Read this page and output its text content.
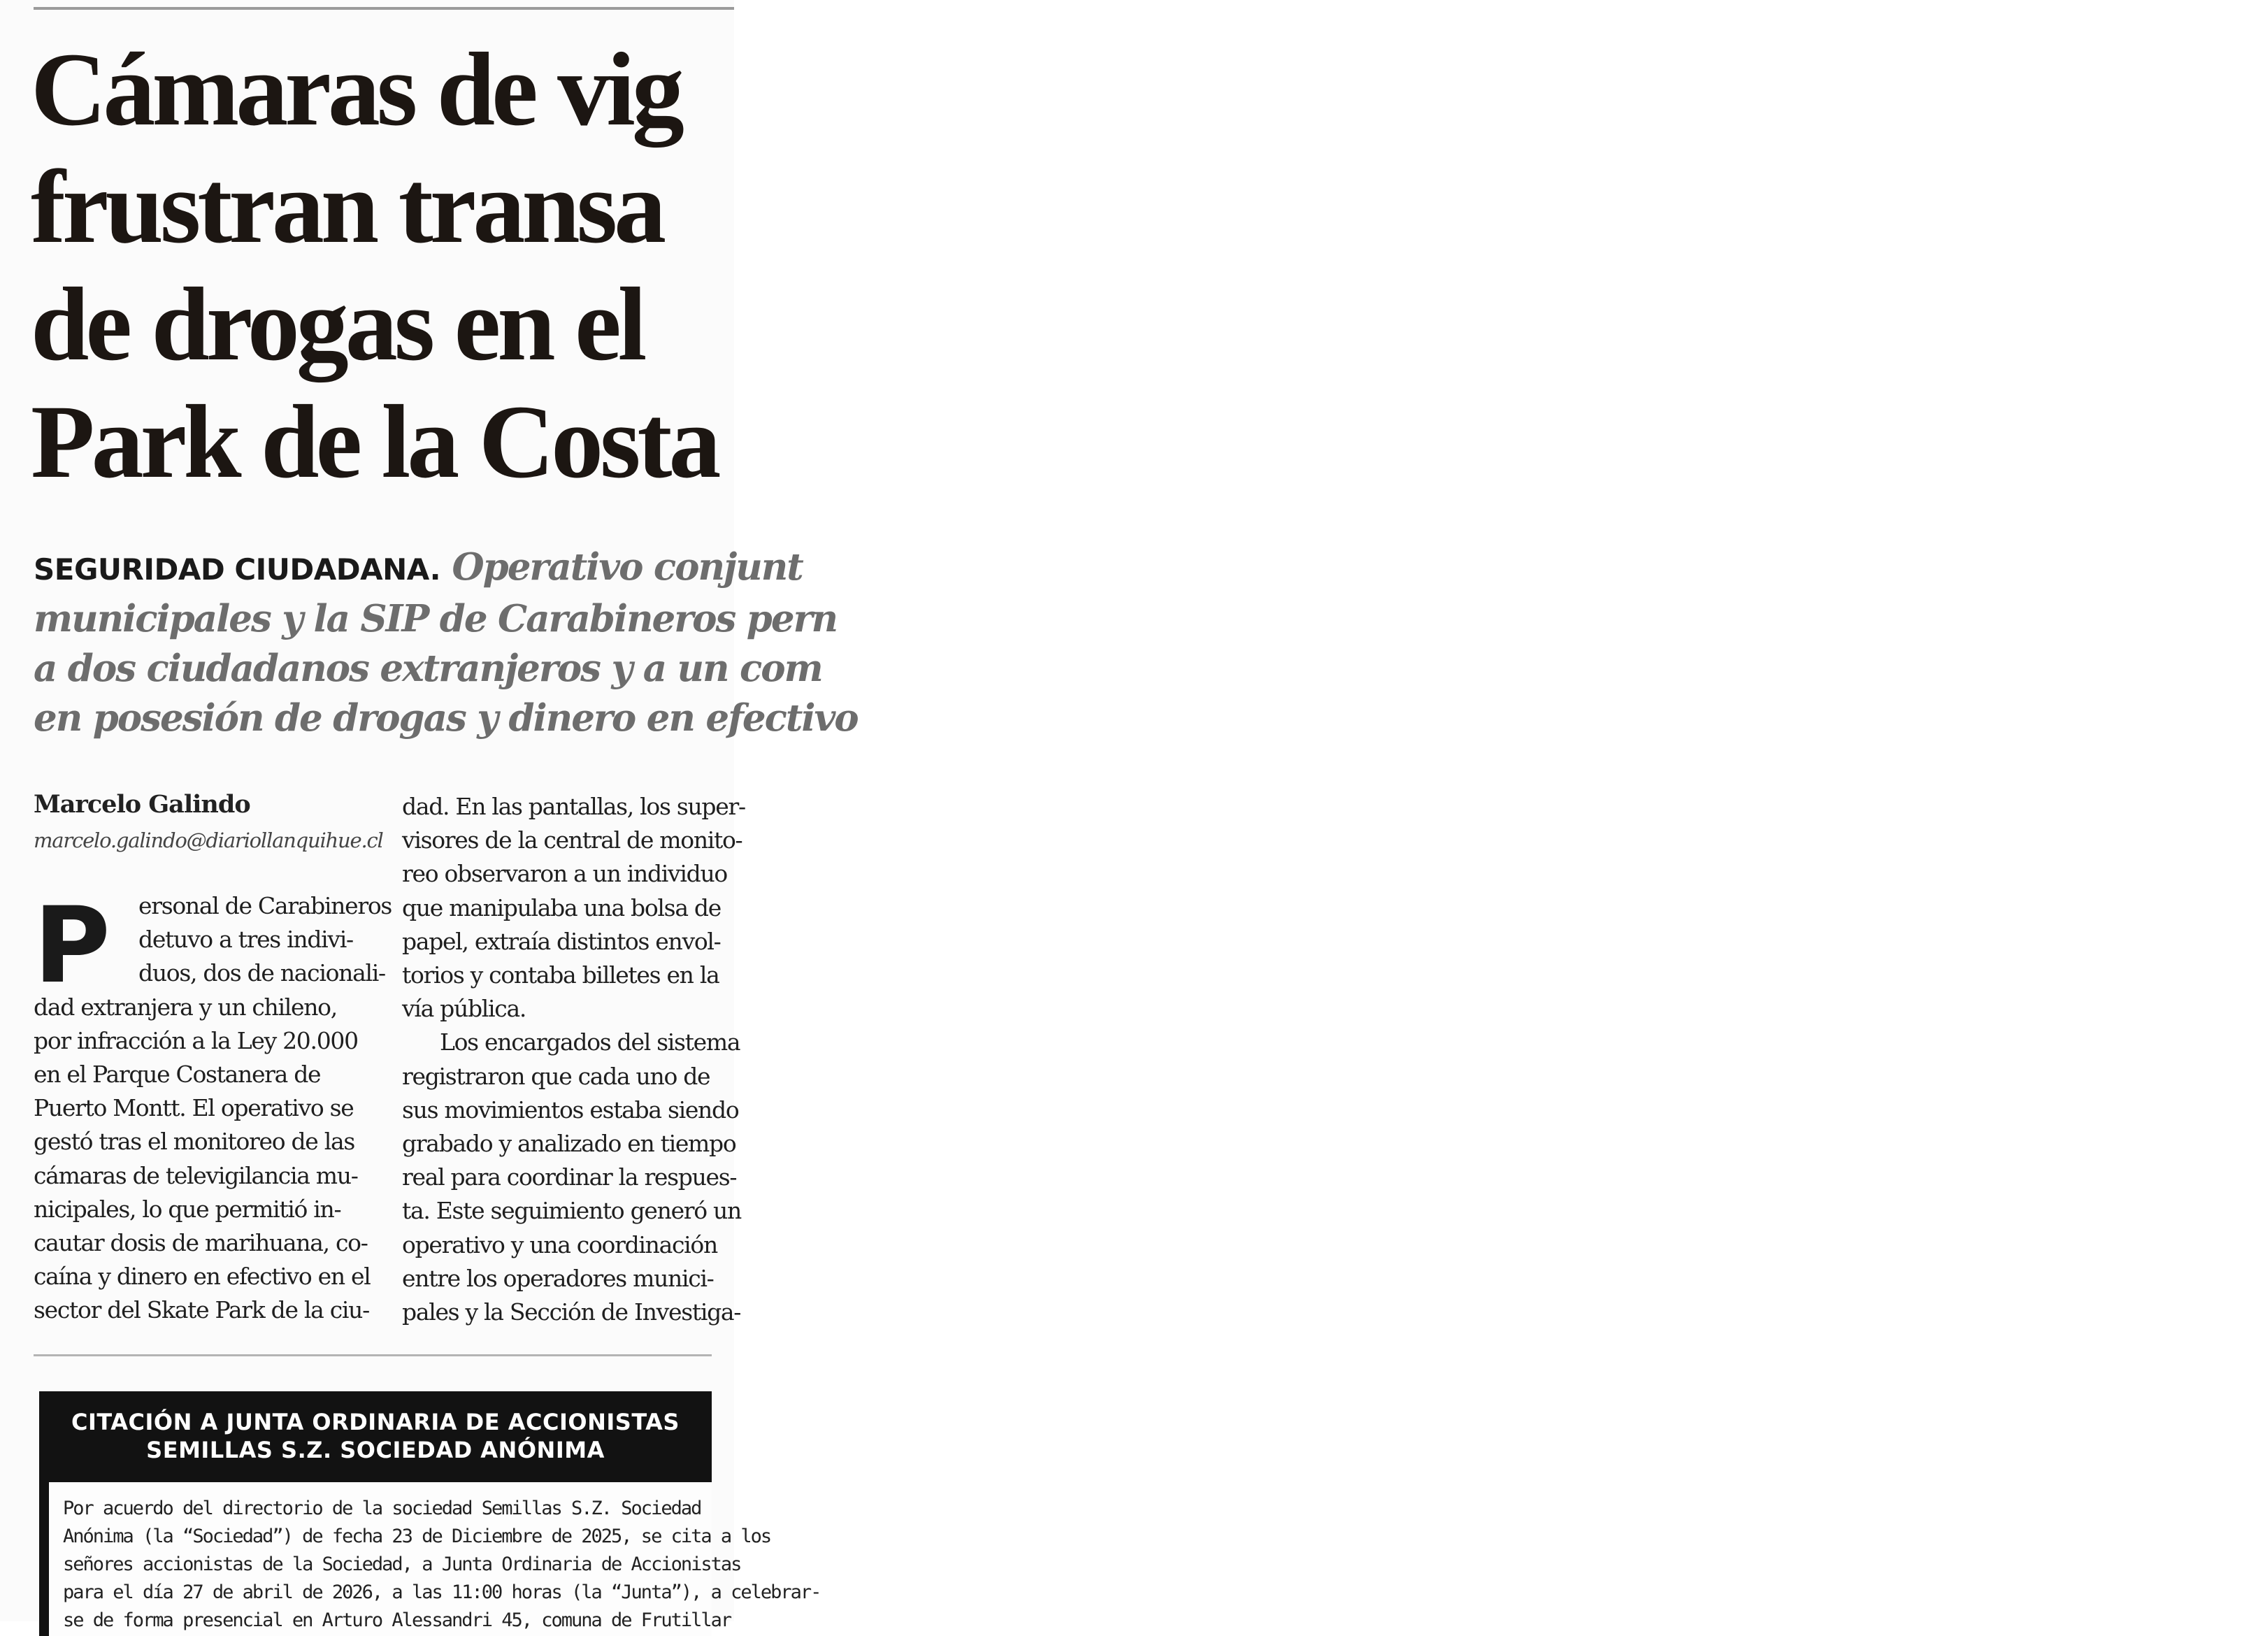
Cámaras de vig
frustran transa
de drogas en el
Park de la Costa

SEGURIDAD CIUDADANA. Operativo conjunt
municipales y la SIP de Carabineros pern
a dos ciudadanos extranjeros y a un com
en posesión de drogas y dinero en efectivo

Marcelo Galindo
marcelo.galindo@diariollanquihue.cl
P	ersonal de Carabineros
detuvo a tres indivi-
duos, dos de nacionali-
dad extranjera y un chileno,
por infracción a la Ley 20.000
en el Parque Costanera de
Puerto Montt. El operativo se
gestó tras el monitoreo de las
cámaras de televigilancia mu-
nicipales, lo que permitió in-
cautar dosis de marihuana, co-
caína y dinero en efectivo en el
sector del Skate Park de la ciu-
dad. En las pantallas, los super-
visores de la central de monito-
reo observaron a un individuo
que manipulaba una bolsa de
papel, extraía distintos envol-
torios y contaba billetes en la
vía pública.
Los encargados del sistema
registraron que cada uno de
sus movimientos estaba siendo
grabado y analizado en tiempo
real para coordinar la respues-
ta. Este seguimiento generó un
operativo y una coordinación
entre los operadores munici-
pales y la Sección de Investiga-
CITACIÓN A JUNTA ORDINARIA DE ACCIONISTAS
SEMILLAS S.Z. SOCIEDAD ANÓNIMA
Por acuerdo del directorio de la sociedad Semillas S.Z. Sociedad
Anónima (la “Sociedad”) de fecha 23 de Diciembre de 2025, se cita a los
señores accionistas de la Sociedad, a Junta Ordinaria de Accionistas
para el día 27 de abril de 2026, a las 11:00 horas (la “Junta”), a celebrar-
se de forma presencial en Arturo Alessandri 45, comuna de Frutillar
